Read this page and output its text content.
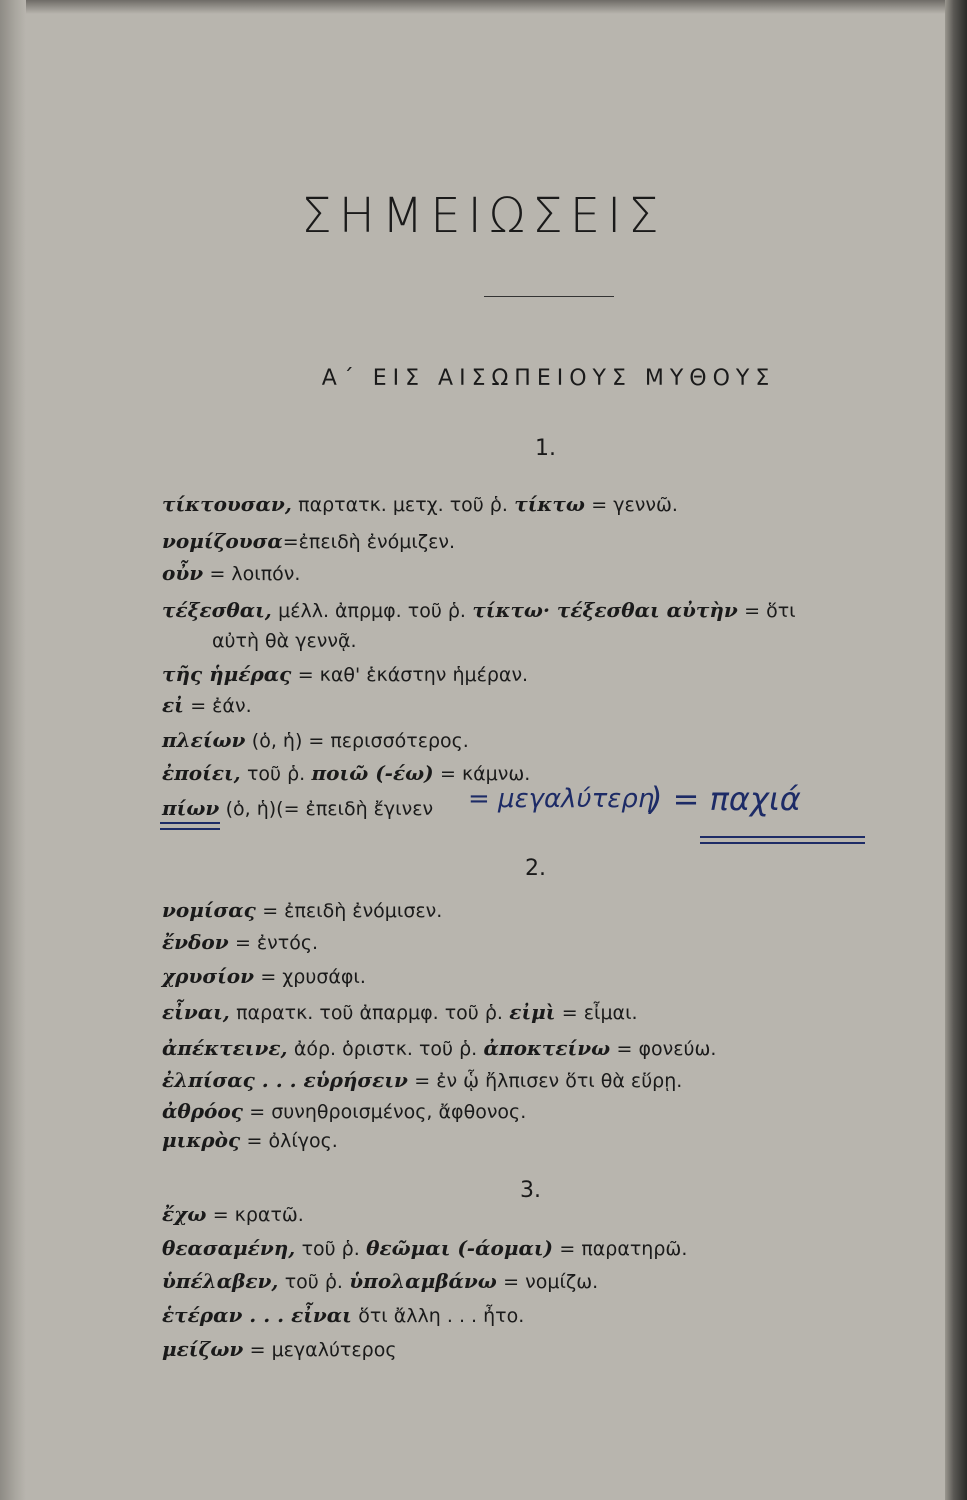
ΣΗΜΕΙΩΣΕΙΣ
Α΄ ΕΙΣ ΑΙΣΩΠΕΙΟΥΣ ΜΥΘΟΥΣ
1.
τίκτουσαν, παρτατκ. μετχ. τοῦ ῥ. τίκτω = γεννῶ.
νομίζουσα=ἐπειδὴ ἐνόμιζεν.
οὖν = λοιπόν.
τέξεσθαι, μέλλ. ἀπρμφ. τοῦ ῥ. τίκτω· τέξεσθαι αὐτὴν = ὅτι
αὐτὴ θὰ γεννᾷ.
τῆς ἡμέρας = καθ' ἑκάστην ἡμέραν.
εἰ = ἐάν.
πλείων (ὁ, ἡ) = περισσότερος.
ἐποίει, τοῦ ῥ. ποιῶ (-έω) = κάμνω.
πίων (ὁ, ἡ)(= ἐπειδὴ ἔγινεν = μεγαλύτερη
) = παχιά
2.
νομίσας = ἐπειδὴ ἐνόμισεν.
ἔνδον = ἐντός.
χρυσίον = χρυσάφι.
εἶναι, παρατκ. τοῦ ἀπαρμφ. τοῦ ῥ. εἰμὶ = εἶμαι.
ἀπέκτεινε, ἀόρ. ὁριστκ. τοῦ ῥ. ἀποκτείνω = φονεύω.
ἐλπίσας . . . εὑρήσειν = ἐν ᾧ ἤλπισεν ὅτι θὰ εὕρῃ.
ἀθρόος = συνηθροισμένος, ἄφθονος.
μικρὸς = ὀλίγος.
3.
ἔχω = κρατῶ.
θεασαμένη, τοῦ ῥ. θεῶμαι (-άομαι) = παρατηρῶ.
ὑπέλαβεν, τοῦ ῥ. ὑπολαμβάνω = νομίζω.
ἑτέραν . . . εἶναι ὅτι ἄλλη . . . ἦτο.
μείζων = μεγαλύτερος
